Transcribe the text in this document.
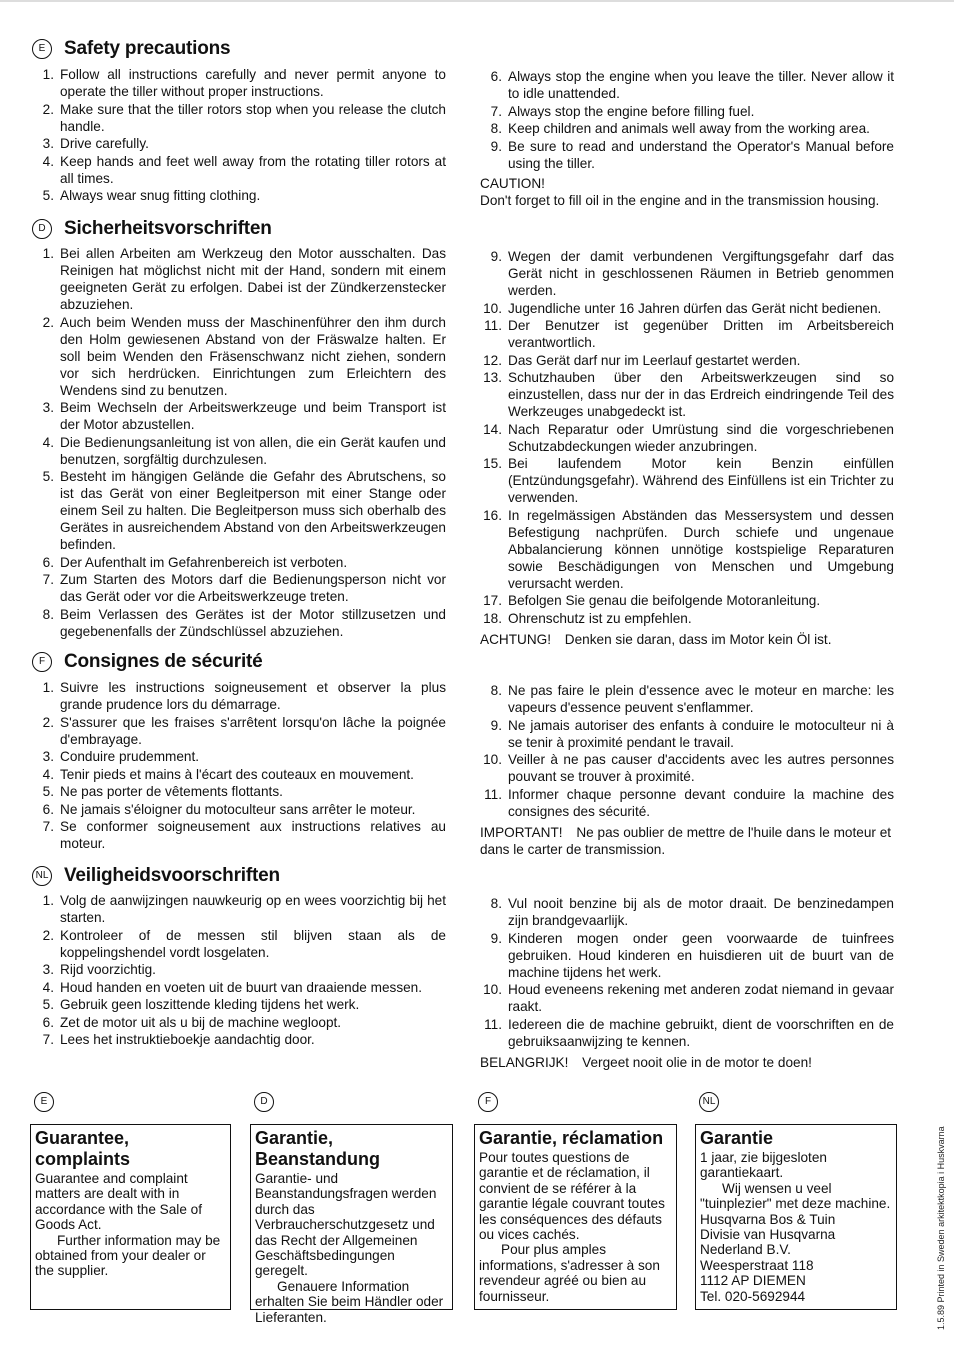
E Safety precautions
1. Follow all instructions carefully and never permit anyone to operate the tiller without proper instructions.
2. Make sure that the tiller rotors stop when you release the clutch handle.
3. Drive carefully.
4. Keep hands and feet well away from the rotating tiller rotors at all times.
5. Always wear snug fitting clothing.
6. Always stop the engine when you leave the tiller. Never allow it to idle unattended.
7. Always stop the engine before filling fuel.
8. Keep children and animals well away from the working area.
9. Be sure to read and understand the Operator's Manual before using the tiller.
CAUTION!
Don't forget to fill oil in the engine and in the transmission housing.
D Sicherheitsvorschriften
1. Bei allen Arbeiten am Werkzeug den Motor ausschalten. Das Reinigen hat möglichst nicht mit der Hand, sondern mit einem geeigneten Gerät zu erfolgen. Dabei ist der Zündkerzenstecker abzuziehen.
2. Auch beim Wenden muss der Maschinenführer den ihm durch den Holm gewiesenen Abstand von der Fräswalze halten. Er soll beim Wenden den Fräsenschwanz nicht ziehen, sondern vor sich herdrücken. Einrichtungen zum Erleichtern des Wendens sind zu benutzen.
3. Beim Wechseln der Arbeitswerkzeuge und beim Transport ist der Motor abzustellen.
4. Die Bedienungsanleitung ist von allen, die ein Gerät kaufen und benutzen, sorgfältig durchzulesen.
5. Besteht im hängigen Gelände die Gefahr des Abrutschens, so ist das Gerät von einer Begleitperson mit einer Stange oder einem Seil zu halten. Die Begleitperson muss sich oberhalb des Gerätes in ausreichendem Abstand von den Arbeitswerkzeugen befinden.
6. Der Aufenthalt im Gefahrenbereich ist verboten.
7. Zum Starten des Motors darf die Bedienungsperson nicht vor das Gerät oder vor die Arbeitswerkzeuge treten.
8. Beim Verlassen des Gerätes ist der Motor stillzusetzen und gegebenenfalls der Zündschlüssel abzuziehen.
9. Wegen der damit verbundenen Vergiftungsgefahr darf das Gerät nicht in geschlossenen Räumen in Betrieb genommen werden.
10. Jugendliche unter 16 Jahren dürfen das Gerät nicht bedienen.
11. Der Benutzer ist gegenüber Dritten im Arbeitsbereich verantwortlich.
12. Das Gerät darf nur im Leerlauf gestartet werden.
13. Schutzhauben über den Arbeitswerkzeugen sind so einzustellen, dass nur der in das Erdreich eindringende Teil des Werkzeuges unabgedeckt ist.
14. Nach Reparatur oder Umrüstung sind die vorgeschriebenen Schutzabdeckungen wieder anzubringen.
15. Bei laufendem Motor kein Benzin einfüllen (Entzündungsgefahr). Während des Einfüllens ist ein Trichter zu verwenden.
16. In regelmässigen Abständen das Messersystem und dessen Befestigung nachprüfen. Durch schiefe und ungenaue Abbalancierung können unnötige kostspielige Reparaturen sowie Beschädigungen von Menschen und Umgebung verursacht werden.
17. Befolgen Sie genau die beifolgende Motoranleitung.
18. Ohrenschutz ist zu empfehlen.
ACHTUNG! Denken sie daran, dass im Motor kein Öl ist.
F Consignes de sécurité
1. Suivre les instructions soigneusement et observer la plus grande prudence lors du démarrage.
2. S'assurer que les fraises s'arrêtent lorsqu'on lâche la poignée d'embrayage.
3. Conduire prudemment.
4. Tenir pieds et mains à l'écart des couteaux en mouvement.
5. Ne pas porter de vêtements flottants.
6. Ne jamais s'éloigner du motoculteur sans arrêter le moteur.
7. Se conformer soigneusement aux instructions relatives au moteur.
8. Ne pas faire le plein d'essence avec le moteur en marche: les vapeurs d'essence peuvent s'enflammer.
9. Ne jamais autoriser des enfants à conduire le motoculteur ni à se tenir à proximité pendant le travail.
10. Veiller à ne pas causer d'accidents avec les autres personnes pouvant se trouver à proximité.
11. Informer chaque personne devant conduire la machine des consignes des sécurité.
IMPORTANT! Ne pas oublier de mettre de l'huile dans le moteur et dans le carter de transmission.
NL Veiligheidsvoorschriften
1. Volg de aanwijzingen nauwkeurig op en wees voorzichtig bij het starten.
2. Kontroleer of de messen stil blijven staan als de koppelingshendel vordt losgelaten.
3. Rijd voorzichtig.
4. Houd handen en voeten uit de buurt van draaiende messen.
5. Gebruik geen loszittende kleding tijdens het werk.
6. Zet de motor uit als u bij de machine wegloopt.
7. Lees het instruktieboekje aandachtig door.
8. Vul nooit benzine bij als de motor draait. De benzinedampen zijn brandgevaarlijk.
9. Kinderen mogen onder geen voorwaarde de tuinfrees gebruiken. Houd kinderen en huisdieren uit de buurt van de machine tijdens het werk.
10. Houd eveneens rekening met anderen zodat niemand in gevaar raakt.
11. Iedereen die de machine gebruikt, dient de voorschriften en de gebruiksaanwijzing te kennen.
BELANGRIJK! Vergeet nooit olie in de motor te doen!
E
Guarantee, complaints

Guarantee and complaint matters are dealt with in accordance with the Sale of Goods Act.

Further information may be obtained from your dealer or the supplier.

D
Garantie, Beanstandung

Garantie- und Beanstandungsfragen werden durch das Verbraucherschutzgesetz und das Recht der Allgemeinen Geschäftsbedingungen geregelt.

Genauere Information erhalten Sie beim Händler oder Lieferanten.

F
Garantie, réclamation

Pour toutes questions de garantie et de réclamation, il convient de se référer à la garantie légale couvrant toutes les conséquences des défauts ou vices cachés.

Pour plus amples informations, s'adresser à son revendeur agréé ou bien au fournisseur.

NL
Garantie

1 jaar, zie bijgesloten garantiekaart.

Wij wensen u veel "tuinplezier" met deze machine.

Husqvarna Bos & Tuin
Divisie van Husqvarna
Nederland B.V.
Weesperstraat 118
1112 AP DIEMEN
Tel. 020-5692944	1.5.89 Printed in Sweden arkitektkopia i Huskvarna
